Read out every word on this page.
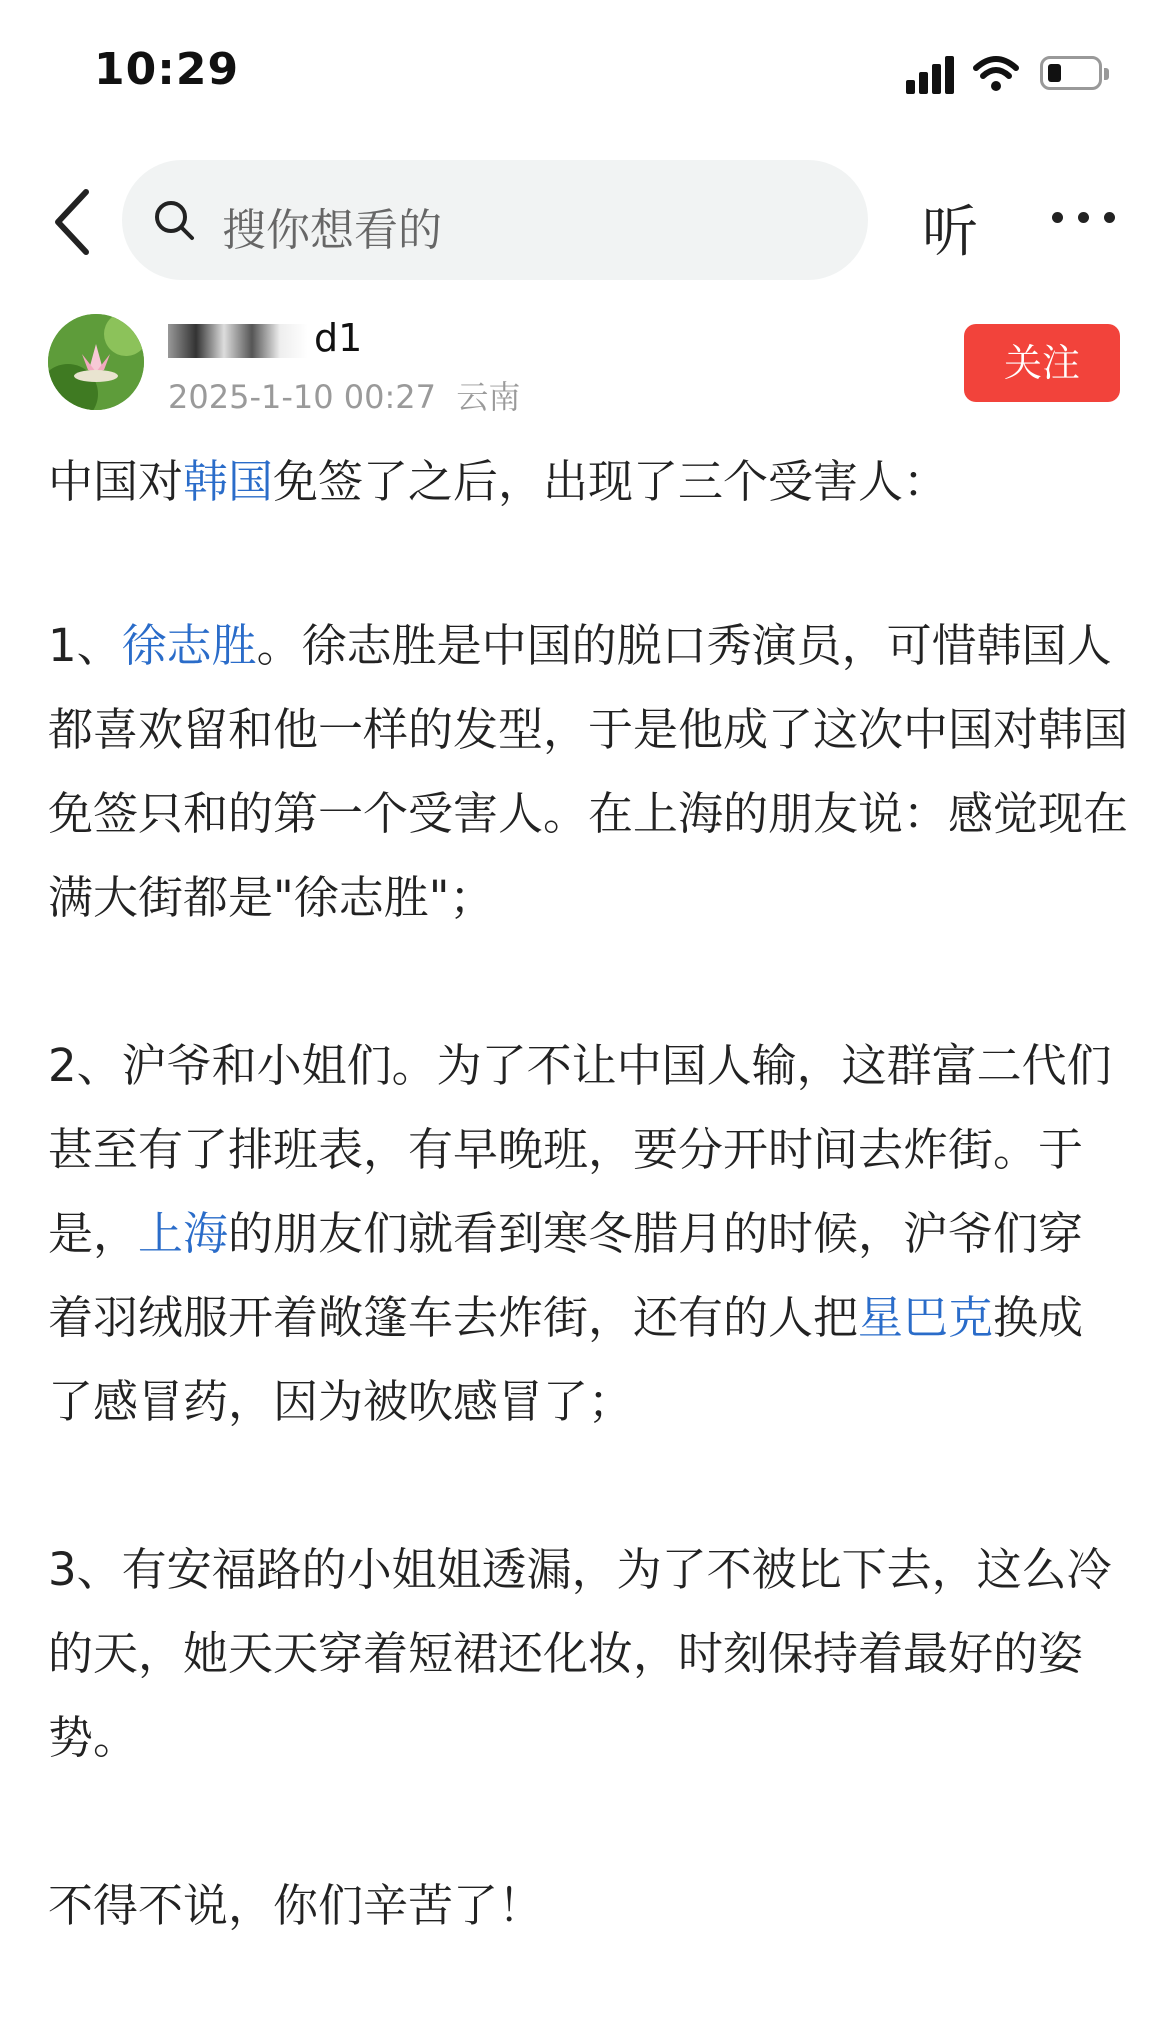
10:29
搜你想看的	听
d1
2025-1-10 00:27 云南
关注

中国对韩国免签了之后，出现了三个受害人：

1、徐志胜。徐志胜是中国的脱口秀演员，可惜韩国人都喜欢留和他一样的发型，于是他成了这次中国对韩国免签只和的第一个受害人。在上海的朋友说：感觉现在满大街都是"徐志胜"；

2、沪爷和小姐们。为了不让中国人输，这群富二代们甚至有了排班表，有早晚班，要分开时间去炸街。于是，上海的朋友们就看到寒冬腊月的时候，沪爷们穿着羽绒服开着敞篷车去炸街，还有的人把星巴克换成了感冒药，因为被吹感冒了；

3、有安福路的小姐姐透漏，为了不被比下去，这么冷的天，她天天穿着短裙还化妆，时刻保持着最好的姿势。

不得不说，你们辛苦了！
